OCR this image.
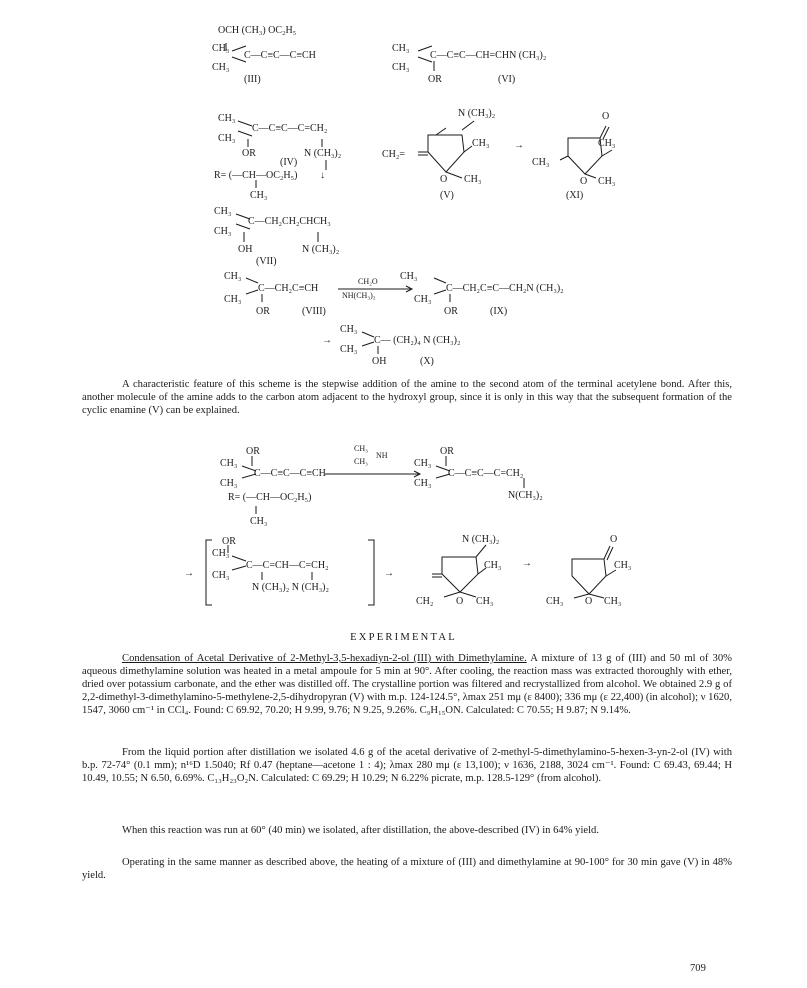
OCH (CH₃) OC₂H₅
CH₃
C—C≡C—C≡CH
CH₃
(III)
CH₃
C—C≡C—CH=CHN (CH₃)₂
CH₃
OR	(VI)
CH₃
C—C≡C—C=CH₂
CH₃
OR	N (CH₃)₂
(IV)
↓
R= (—CH—OC₂H₅)
CH₃
N (CH₃)₂
CH₃
CH₂=
O CH₃
(V)
→
O
CH₃
CH₃
O CH₃
(XI)
CH₃
C—CH₂CH₂CHCH₃
CH₃
OH	N (CH₃)₂
(VII)
CH₃
C—CH₂C≡CH
CH₃
OR	(VIII)
CH₂O
NH(CH₃)₂
CH₃
C—CH₂C≡C—CH₂N (CH₃)₂
CH₃
OR	(IX)
→
CH₃
C— (CH₂)₄ N (CH₃)₂
CH₃
OH	(X)
OR
CH₃
C—C≡C—C≡CH
CH₃
CH₃
NH
CH₃
OR
CH₃
C—C≡C—C=CH₂
CH₃
N(CH₃)₂
R= (—CH—OC₂H₅)
CH₃
→
OR
CH₃
C—C=CH—C=CH₂
CH₃
N (CH₃)₂ N (CH₃)₂
→
N (CH₃)₂
CH₃
CH₂ O CH₃
→
O
CH₃
CH₃ O CH₃

A characteristic feature of this scheme is the stepwise addition of the amine to the second atom of the terminal acetylene bond. After this, another molecule of the amine adds to the carbon atom adjacent to the hydroxyl group, since it is only in this way that the subsequent formation of the cyclic enamine (V) can be explained.

EXPERIMENTAL

Condensation of Acetal Derivative of 2-Methyl-3,5-hexadiyn-2-ol (III) with Dimethylamine. A mixture of 13 g of (III) and 50 ml of 30% aqueous dimethylamine solution was heated in a metal ampoule for 5 min at 90°. After cooling, the reaction mass was extracted thoroughly with ether, dried over potassium carbonate, and the ether was distilled off. The crystalline portion was filtered and recrystallized from alcohol. We obtained 2.9 g of 2,2-dimethyl-3-dimethylamino-5-methylene-2,5-dihydropyran (V) with m.p. 124-124.5°, λmax 251 mμ (ε 8400); 336 mμ (ε 22,400) (in alcohol); ν 1620, 1547, 3060 cm⁻¹ in CCl₄. Found: C 69.92, 70.20; H 9.99, 9.76; N 9.25, 9.26%. C₉H₁₅ON. Calculated: C 70.55; H 9.87; N 9.14%.

From the liquid portion after distillation we isolated 4.6 g of the acetal derivative of 2-methyl-5-dimethylamino-5-hexen-3-yn-2-ol (IV) with b.p. 72-74° (0.1 mm); n¹⁶D 1.5040; Rf 0.47 (heptane—acetone 1 : 4); λmax 280 mμ (ε 13,100); ν 1636, 2188, 3024 cm⁻¹. Found: C 69.43, 69.44; H 10.49, 10.55; N 6.50, 6.69%. C₁₃H₂₃O₂N. Calculated: C 69.29; H 10.29; N 6.22% picrate, m.p. 128.5-129° (from alcohol).

When this reaction was run at 60° (40 min) we isolated, after distillation, the above-described (IV) in 64% yield.

Operating in the same manner as described above, the heating of a mixture of (III) and dimethylamine at 90-100° for 30 min gave (V) in 48% yield.

709
